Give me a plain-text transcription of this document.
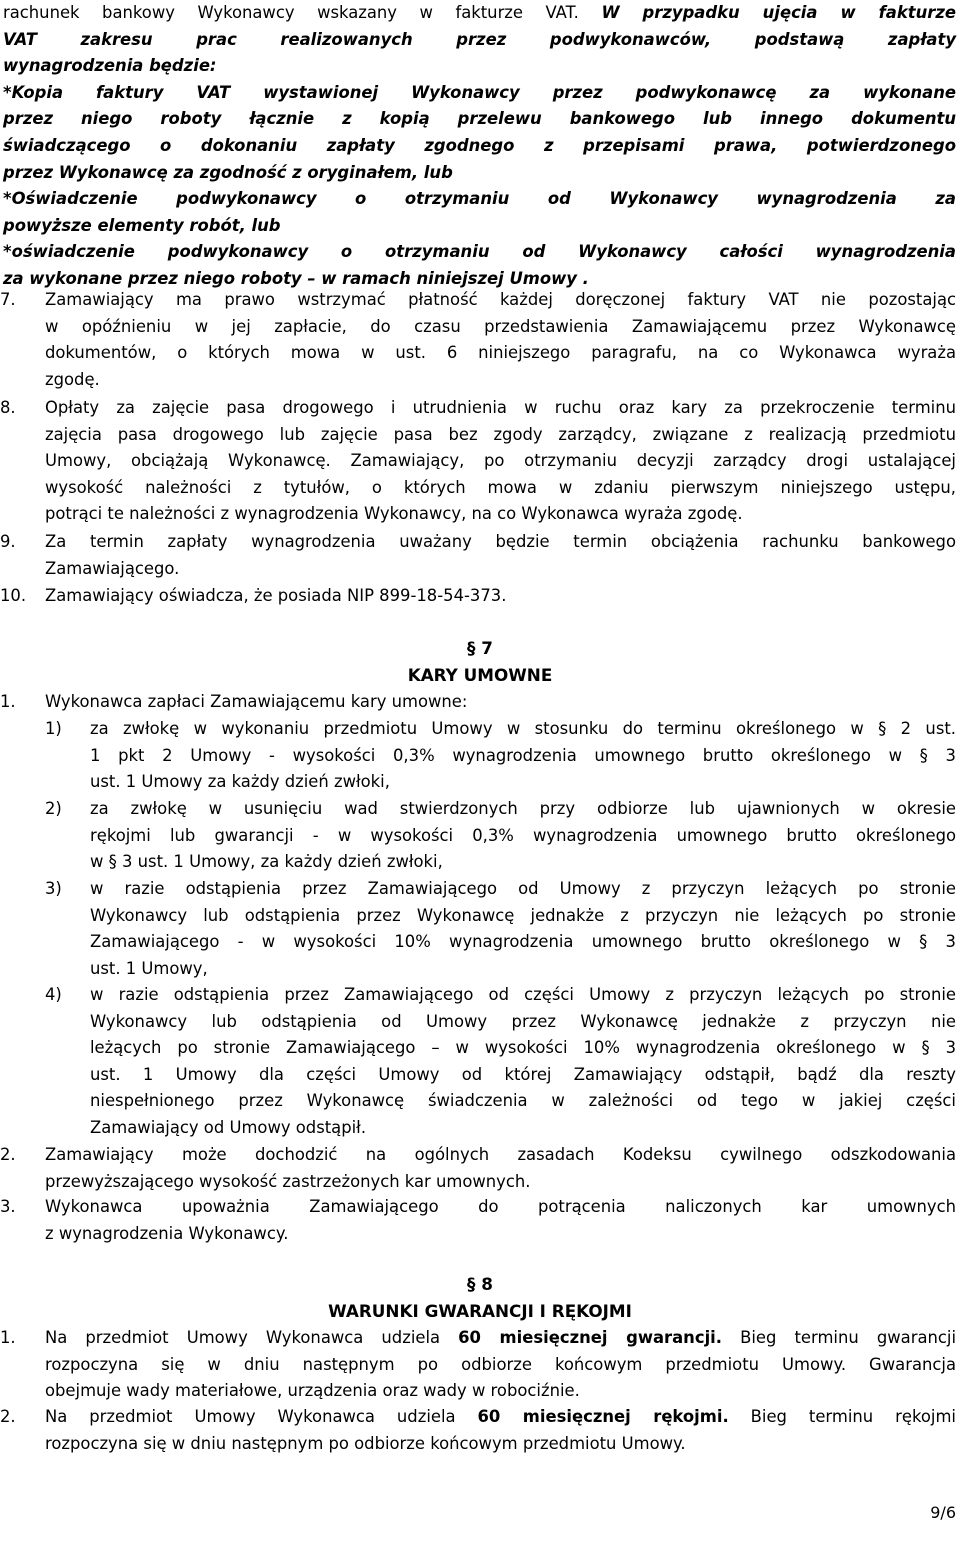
rachunek bankowy Wykonawcy wskazany w fakturze VAT. W przypadku ujęcia w fakturze
VAT zakresu prac realizowanych przez podwykonawców, podstawą zapłaty
wynagrodzenia będzie:
*Kopia faktury VAT wystawionej Wykonawcy przez podwykonawcę za wykonane
przez niego roboty łącznie z kopią przelewu bankowego lub innego dokumentu
świadczącego o dokonaniu zapłaty zgodnego z przepisami prawa, potwierdzonego
przez Wykonawcę za zgodność z oryginałem, lub
*Oświadczenie podwykonawcy o otrzymaniu od Wykonawcy wynagrodzenia za
powyższe elementy robót, lub
*oświadczenie podwykonawcy o otrzymaniu od Wykonawcy całości wynagrodzenia
za wykonane przez niego roboty – w ramach niniejszej Umowy .
7. Zamawiający ma prawo wstrzymać płatność każdej doręczonej faktury VAT nie pozostając
w opóźnieniu w jej zapłacie, do czasu przedstawienia Zamawiającemu przez Wykonawcę
dokumentów, o których mowa w ust. 6 niniejszego paragrafu, na co Wykonawca wyraża
zgodę.
8. Opłaty za zajęcie pasa drogowego i utrudnienia w ruchu oraz kary za przekroczenie terminu
zajęcia pasa drogowego lub zajęcie pasa bez zgody zarządcy, związane z realizacją przedmiotu
Umowy, obciążają Wykonawcę. Zamawiający, po otrzymaniu decyzji zarządcy drogi ustalającej
wysokość należności z tytułów, o których mowa w zdaniu pierwszym niniejszego ustępu,
potrąci te należności z wynagrodzenia Wykonawcy, na co Wykonawca wyraża zgodę.
9. Za termin zapłaty wynagrodzenia uważany będzie termin obciążenia rachunku bankowego
Zamawiającego.
10. Zamawiający oświadcza, że posiada NIP 899-18-54-373.
§ 7
KARY UMOWNE
1. Wykonawca zapłaci Zamawiającemu kary umowne:
1) za zwłokę w wykonaniu przedmiotu Umowy w stosunku do terminu określonego w § 2 ust.
1 pkt 2 Umowy - wysokości 0,3% wynagrodzenia umownego brutto określonego w § 3
ust. 1 Umowy za każdy dzień zwłoki,
2) za zwłokę w usunięciu wad stwierdzonych przy odbiorze lub ujawnionych w okresie
rękojmi lub gwarancji - w wysokości 0,3% wynagrodzenia umownego brutto określonego
w § 3 ust. 1 Umowy, za każdy dzień zwłoki,
3) w razie odstąpienia przez Zamawiającego od Umowy z przyczyn leżących po stronie
Wykonawcy lub odstąpienia przez Wykonawcę jednakże z przyczyn nie leżących po stronie
Zamawiającego - w wysokości 10% wynagrodzenia umownego brutto określonego w § 3
ust. 1 Umowy,
4) w razie odstąpienia przez Zamawiającego od części Umowy z przyczyn leżących po stronie
Wykonawcy lub odstąpienia od Umowy przez Wykonawcę jednakże z przyczyn nie
leżących po stronie Zamawiającego – w wysokości 10% wynagrodzenia określonego w § 3
ust. 1 Umowy dla części Umowy od której Zamawiający odstąpił, bądź dla reszty
niespełnionego przez Wykonawcę świadczenia w zależności od tego w jakiej części
Zamawiający od Umowy odstąpił.
2. Zamawiający może dochodzić na ogólnych zasadach Kodeksu cywilnego odszkodowania
przewyższającego wysokość zastrzeżonych kar umownych.
3. Wykonawca upoważnia Zamawiającego do potrącenia naliczonych kar umownych
z wynagrodzenia Wykonawcy.
§ 8
WARUNKI GWARANCJI I RĘKOJMI
1. Na przedmiot Umowy Wykonawca udziela 60 miesięcznej gwarancji. Bieg terminu gwarancji
rozpoczyna się w dniu następnym po odbiorze końcowym przedmiotu Umowy. Gwarancja
obejmuje wady materiałowe, urządzenia oraz wady w robociźnie.
2. Na przedmiot Umowy Wykonawca udziela 60 miesięcznej rękojmi. Bieg terminu rękojmi
rozpoczyna się w dniu następnym po odbiorze końcowym przedmiotu Umowy.
9/6
